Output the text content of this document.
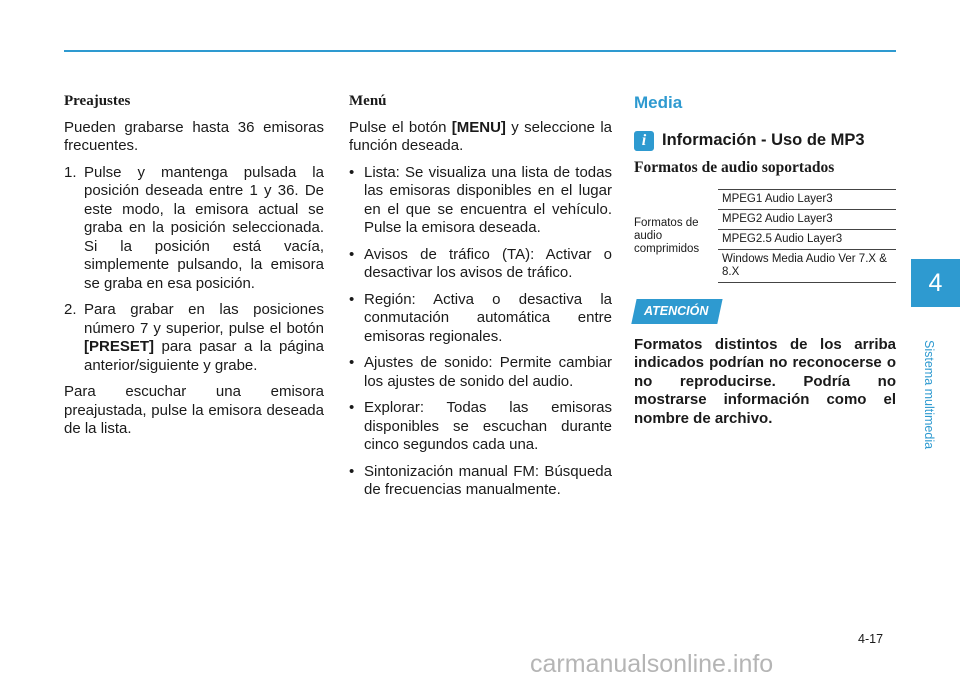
Preajustes

Pueden grabarse hasta 36 emisoras frecuentes.

1. Pulse y mantenga pulsada la posición deseada entre 1 y 36. De este modo, la emisora actual se graba en la posición seleccionada. Si la posición está vacía, simplemente pulsando, la emisora se graba en esa posición.
2. Para grabar en las posiciones número 7 y superior, pulse el botón [PRESET] para pasar a la página anterior/siguiente y grabe.

Para escuchar una emisora preajustada, pulse la emisora deseada de la lista.

Menú

Pulse el botón [MENU] y seleccione la función deseada.

• Lista: Se visualiza una lista de todas las emisoras disponibles en el lugar en el que se encuentra el vehículo. Pulse la emisora deseada.
• Avisos de tráfico (TA): Activar o desactivar los avisos de tráfico.
• Región: Activa o desactiva la conmutación automática entre emisoras regionales.
• Ajustes de sonido: Permite cambiar los ajustes de sonido del audio.
• Explorar: Todas las emisoras disponibles se escuchan durante cinco segundos cada una.
• Sintonización manual FM: Búsqueda de frecuencias manualmente.
Media
i Información - Uso de MP3
Formatos de audio soportados
Formatos de audio comprimidos
MPEG1 Audio Layer3
MPEG2 Audio Layer3
MPEG2.5 Audio Layer3
Windows Media Audio Ver 7.X & 8.X
ATENCIÓN
Formatos distintos de los arriba indicados podrían no reconocerse o no reproducirse. Podría no mostrarse información como el nombre de archivo.
4
Sistema multimedia
4-17
carmanualsonline.info
